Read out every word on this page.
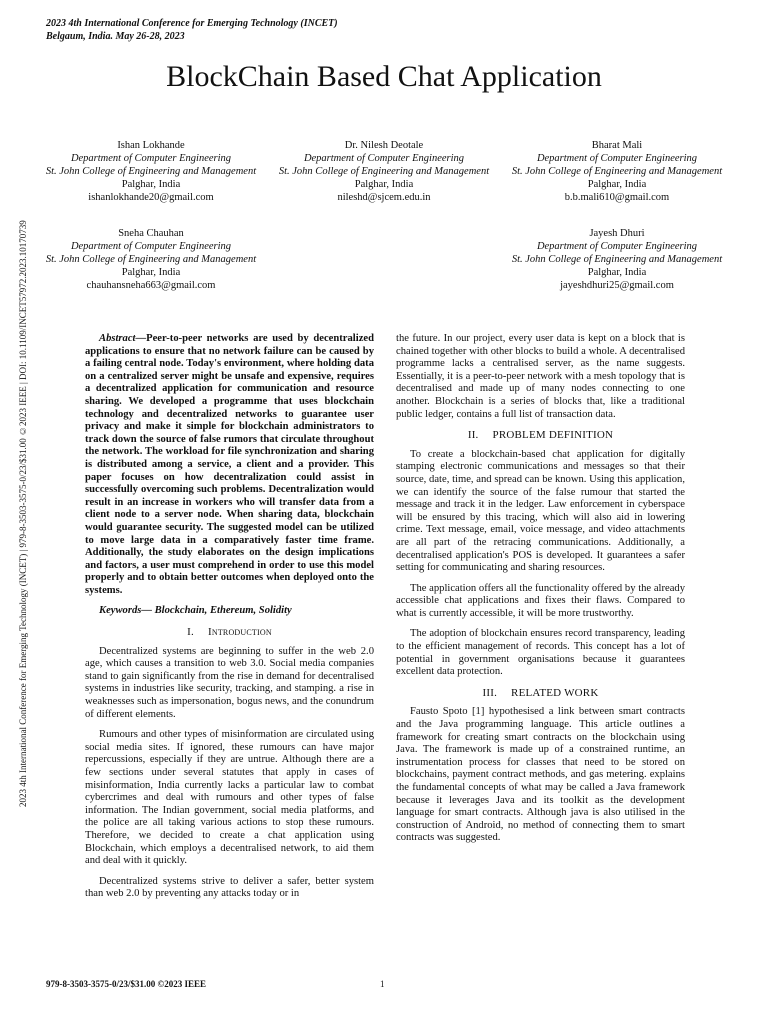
2023 4th International Conference for Emerging Technology (INCET)
Belgaum, India. May 26-28, 2023
BlockChain Based Chat Application
Ishan Lokhande
Department of Computer Engineering
St. John College of Engineering and Management
Palghar, India
ishanlokhande20@gmail.com
Dr. Nilesh Deotale
Department of Computer Engineering
St. John College of Engineering and Management
Palghar, India
nileshd@sjcem.edu.in
Bharat Mali
Department of Computer Engineering
St. John College of Engineering and Management
Palghar, India
b.b.mali610@gmail.com
Sneha Chauhan
Department of Computer Engineering
St. John College of Engineering and Management
Palghar, India
chauhansneha663@gmail.com
Jayesh Dhuri
Department of Computer Engineering
St. John College of Engineering and Management
Palghar, India
jayeshdhuri25@gmail.com
2023 4th International Conference for Emerging Technology (INCET) | 979-8-3503-3575-0/23/$31.00 ©2023 IEEE | DOI: 10.1109/INCET57972.2023.10170739	Abstract—Peer-to-peer networks are used by decentralized applications to ensure that no network failure can be caused by a failing central node. Today's environment, where holding data on a centralized server might be unsafe and expensive, requires a decentralized application for communication and resource sharing. We developed a programme that uses blockchain technology and decentralized networks to guarantee user privacy and make it simple for blockchain administrators to track down the source of false rumors that circulate throughout the network. The workload for file synchronization and sharing is distributed among a service, a client and a provider. This paper focuses on how decentralization could assist in successfully overcoming such problems. Decentralization would result in an increase in workers who will transfer data from a client node to a server node. When sharing data, blockchain would guarantee security. The suggested model can be utilized to move large data in a comparatively faster time frame. Additionally, the study elaborates on the design implications and factors, a user must comprehend in order to use this model properly and to obtain better outcomes when deployed onto the systems.

Keywords— Blockchain, Ethereum, Solidity

I. Introduction

Decentralized systems are beginning to suffer in the web 2.0 age, which causes a transition to web 3.0. Social media companies stand to gain significantly from the rise in demand for decentralised systems in industries like security, tracking, and stamping. a rise in weaknesses such as impersonation, bogus news, and the conundrum of different elements.

Rumours and other types of misinformation are circulated using social media sites. If ignored, these rumours can have major repercussions, especially if they are untrue. Although there are a few sections under several statutes that apply in cases of misinformation, India currently lacks a particular law to combat cybercrimes and deal with rumours and other types of false information. The Indian government, social media platforms, and the police are all taking various actions to stop these rumours. Therefore, we decided to create a chat application using Blockchain, which employs a decentralised network, to aid them and deal with it quickly.

Decentralized systems strive to deliver a safer, better system than web 2.0 by preventing any attacks today or in

the future. In our project, every user data is kept on a block that is chained together with other blocks to build a whole. A decentralised programme lacks a centralised server, as the name suggests. Essentially, it is a peer-to-peer network with a mesh topology that is decentralised and made up of many nodes connecting to one another. Blockchain is a series of blocks that, like a traditional public ledger, contains a full list of transaction data.

II. PROBLEM DEFINITION

To create a blockchain-based chat application for digitally stamping electronic communications and messages so that their source, date, time, and spread can be known. Using this application, we can identify the source of the false rumour that started the message and track it in the ledger. Law enforcement in cyberspace will be ensured by this tracing, which will also aid in lowering crime. Text message, email, voice message, and video attachments are all part of the retracing communications. Additionally, a decentralised application's POS is developed. It guarantees a safer setting for communicating and sharing resources.

The application offers all the functionality offered by the already accessible chat applications and fixes their flaws. Compared to what is currently accessible, it will be more trustworthy.

The adoption of blockchain ensures record transparency, leading to the efficient management of records. This concept has a lot of potential in government organisations because it guarantees excellent data protection.

III. RELATED WORK

Fausto Spoto [1] hypothesised a link between smart contracts and the Java programming language. This article outlines a framework for creating smart contracts on the blockchain using Java. The framework is made up of a constrained runtime, an instrumentation process for classes that need to be stored on blockchains, payment contract methods, and gas metering. explains the fundamental concepts of what may be called a Java framework because it leverages Java and its toolkit as the development language for smart contracts. Although java is also utilised in the construction of Android, no method of connecting them to smart contracts was suggested.

979-8-3503-3575-0/23/$31.00 ©2023 IEEE	1
